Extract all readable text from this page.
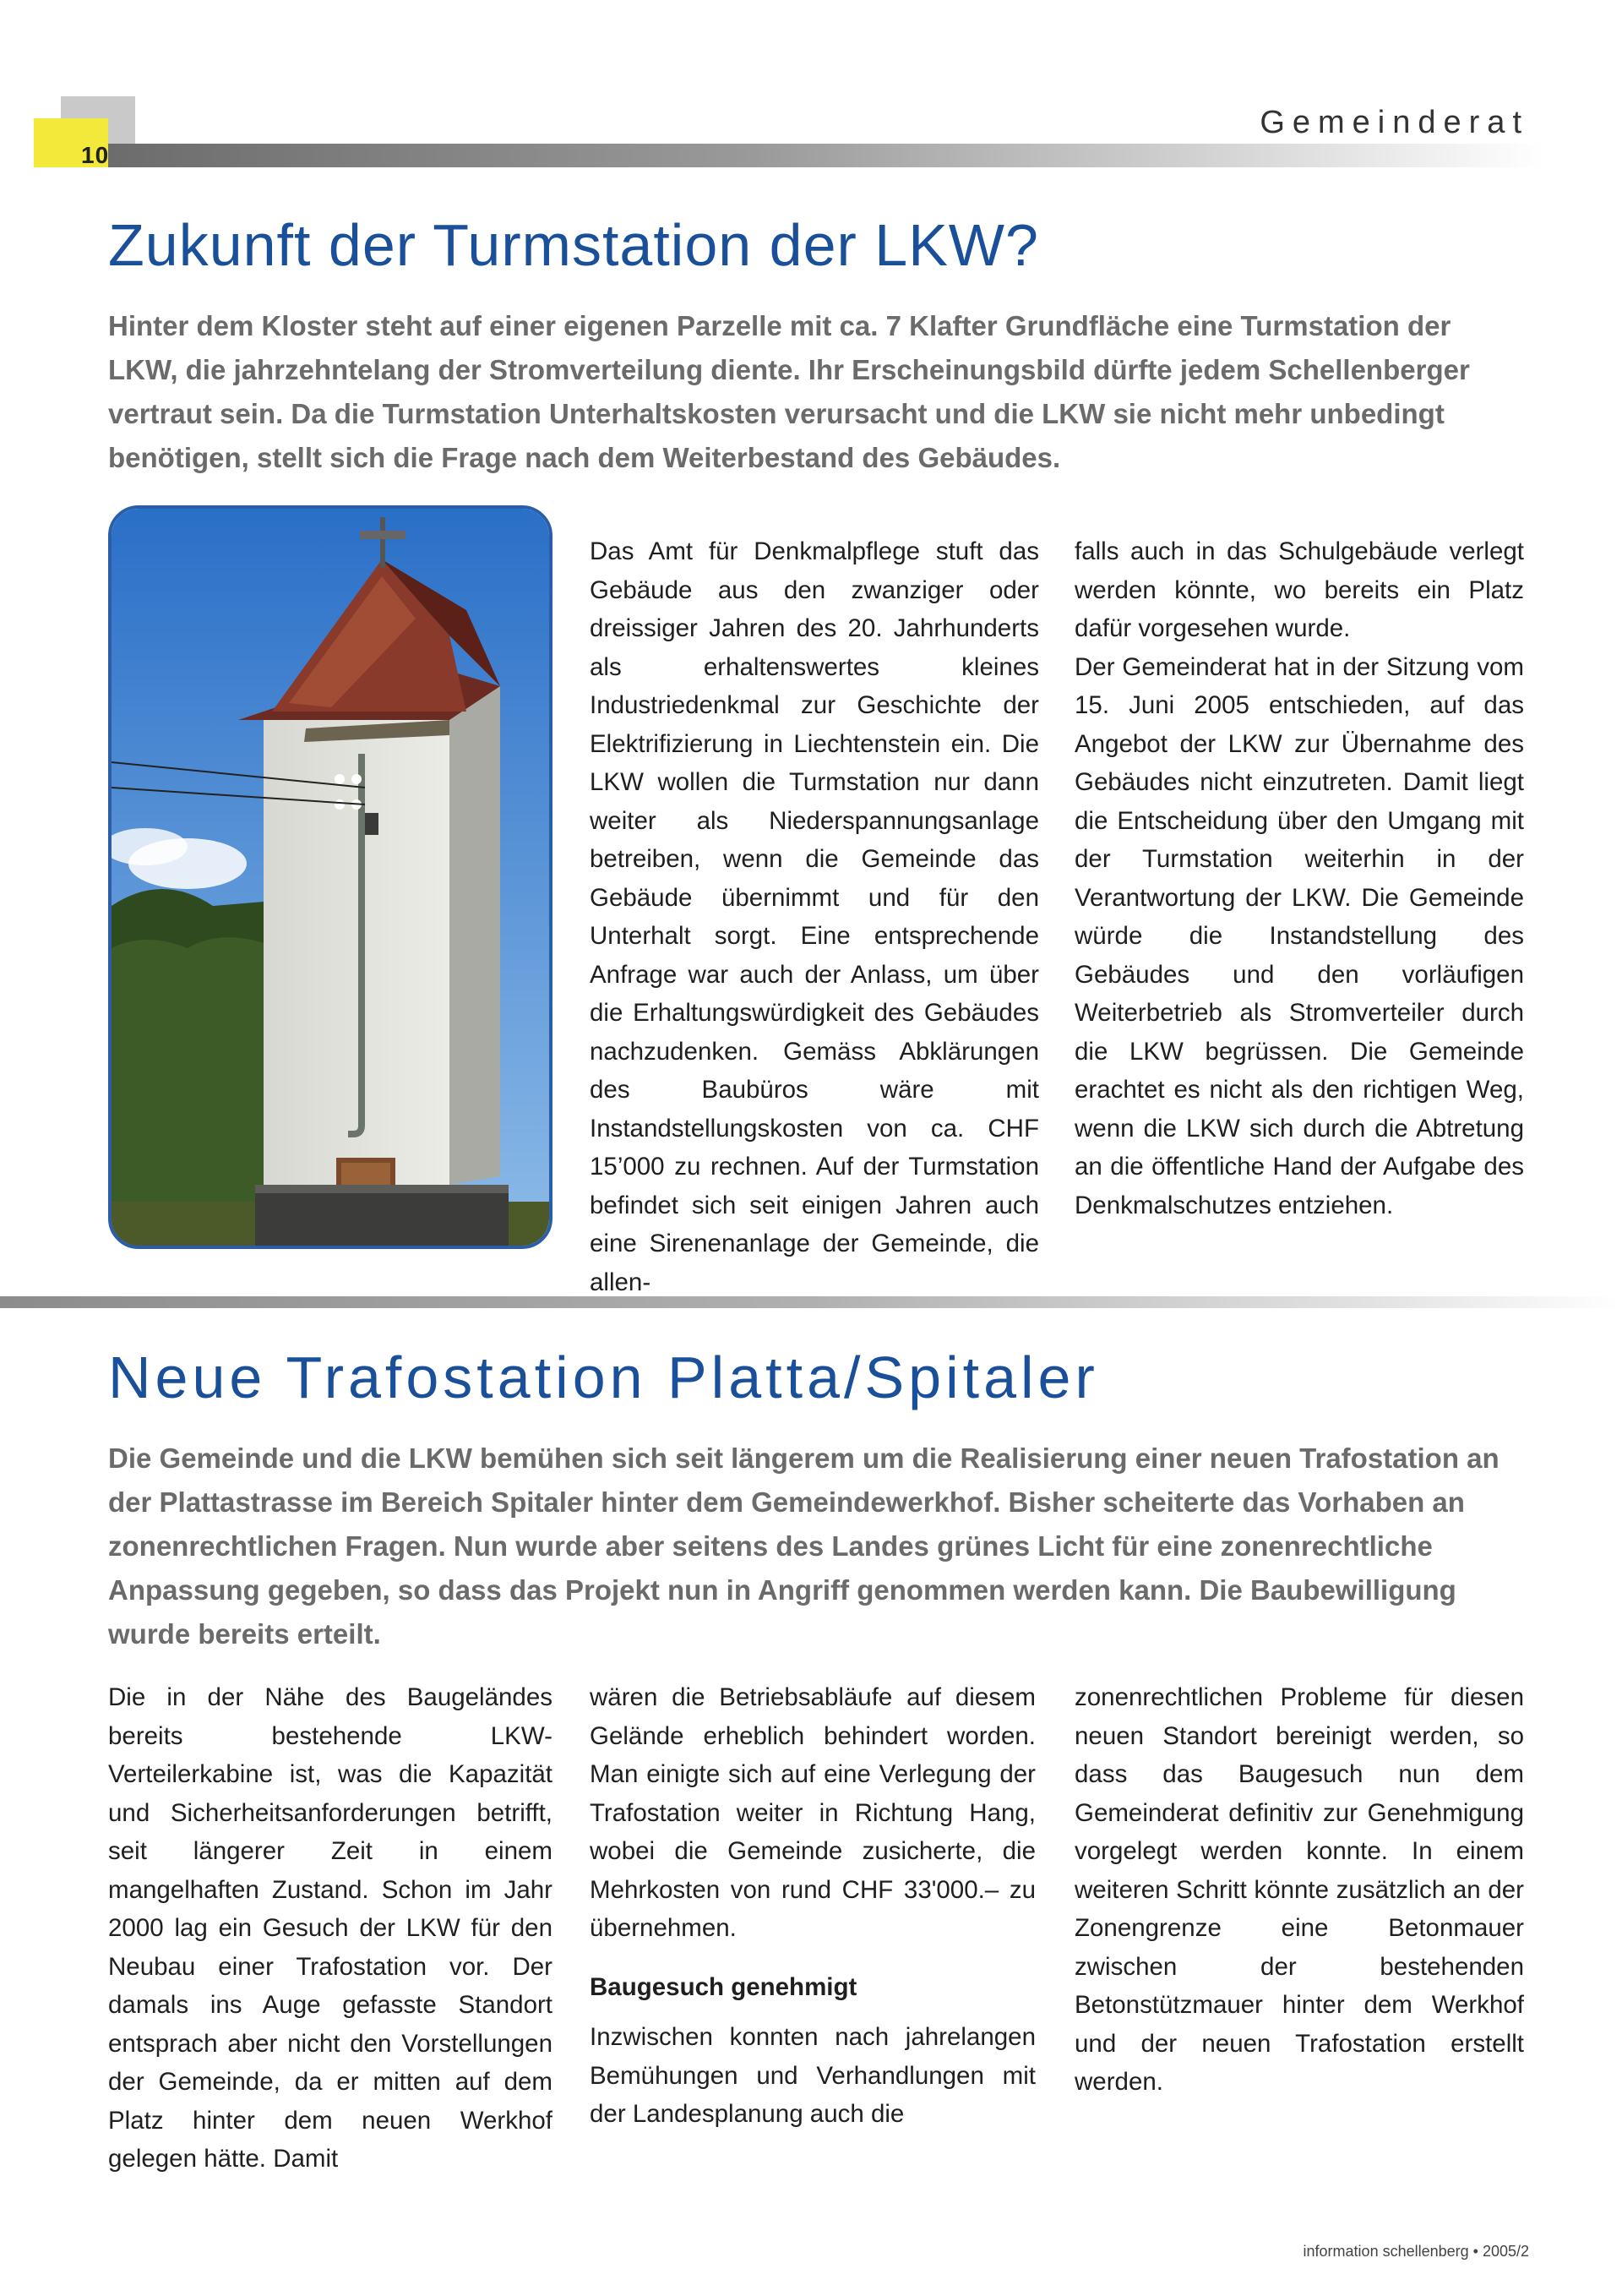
10
Gemeinderat
Zukunft der Turmstation der LKW?

Hinter dem Kloster steht auf einer eigenen Parzelle mit ca. 7 Klafter Grundfläche eine Turmstation der LKW, die jahrzehntelang der Stromverteilung diente. Ihr Erscheinungsbild dürfte jedem Schellenberger vertraut sein. Da die Turmstation Unterhaltskosten verursacht und die LKW sie nicht mehr unbedingt benötigen, stellt sich die Frage nach dem Weiterbestand des Gebäudes.

Das Amt für Denkmalpflege stuft das Gebäude aus den zwanziger oder dreissiger Jahren des 20. Jahrhunderts als erhaltenswertes kleines Industriedenkmal zur Geschichte der Elektrifizierung in Liechtenstein ein. Die LKW wollen die Turmstation nur dann weiter als Niederspannungsanlage betreiben, wenn die Gemeinde das Gebäude übernimmt und für den Unterhalt sorgt. Eine entsprechende Anfrage war auch der Anlass, um über die Erhaltungswürdigkeit des Gebäudes nachzudenken. Gemäss Abklärungen des Baubüros wäre mit Instandstellungskosten von ca. CHF 15’000 zu rechnen. Auf der Turmstation befindet sich seit einigen Jahren auch eine Sirenenanlage der Gemeinde, die allen-

falls auch in das Schulgebäude verlegt werden könnte, wo bereits ein Platz dafür vorgesehen wurde.

Der Gemeinderat hat in der Sitzung vom 15. Juni 2005 entschieden, auf das Angebot der LKW zur Übernahme des Gebäudes nicht einzutreten. Damit liegt die Entscheidung über den Umgang mit der Turmstation weiterhin in der Verantwortung der LKW. Die Gemeinde würde die Instandstellung des Gebäudes und den vorläufigen Weiterbetrieb als Stromverteiler durch die LKW begrüssen. Die Gemeinde erachtet es nicht als den richtigen Weg, wenn die LKW sich durch die Abtretung an die öffentliche Hand der Aufgabe des Denkmalschutzes entziehen.

Neue Trafostation Platta/Spitaler

Die Gemeinde und die LKW bemühen sich seit längerem um die Realisierung einer neuen Trafostation an der Plattastrasse im Bereich Spitaler hinter dem Gemeindewerkhof. Bisher scheiterte das Vorhaben an zonenrechtlichen Fragen. Nun wurde aber seitens des Landes grünes Licht für eine zonenrechtliche Anpassung gegeben, so dass das Projekt nun in Angriff genommen werden kann. Die Baubewilligung wurde bereits erteilt.

Die in der Nähe des Baugeländes bereits bestehende LKW-Verteilerkabine ist, was die Kapazität und Sicherheitsanforderungen betrifft, seit längerer Zeit in einem mangelhaften Zustand. Schon im Jahr 2000 lag ein Gesuch der LKW für den Neubau einer Trafostation vor. Der damals ins Auge gefasste Standort entsprach aber nicht den Vorstellungen der Gemeinde, da er mitten auf dem Platz hinter dem neuen Werkhof gelegen hätte. Damit

wären die Betriebsabläufe auf diesem Gelände erheblich behindert worden. Man einigte sich auf eine Verlegung der Trafostation weiter in Richtung Hang, wobei die Gemeinde zusicherte, die Mehrkosten von rund CHF 33'000.– zu übernehmen.

Baugesuch genehmigt

Inzwischen konnten nach jahrelangen Bemühungen und Verhandlungen mit der Landesplanung auch die

zonenrechtlichen Probleme für diesen neuen Standort bereinigt werden, so dass das Baugesuch nun dem Gemeinderat definitiv zur Genehmigung vorgelegt werden konnte. In einem weiteren Schritt könnte zusätzlich an der Zonengrenze eine Betonmauer zwischen der bestehenden Betonstützmauer hinter dem Werkhof und der neuen Trafostation erstellt werden.

information schellenberg • 2005/2
